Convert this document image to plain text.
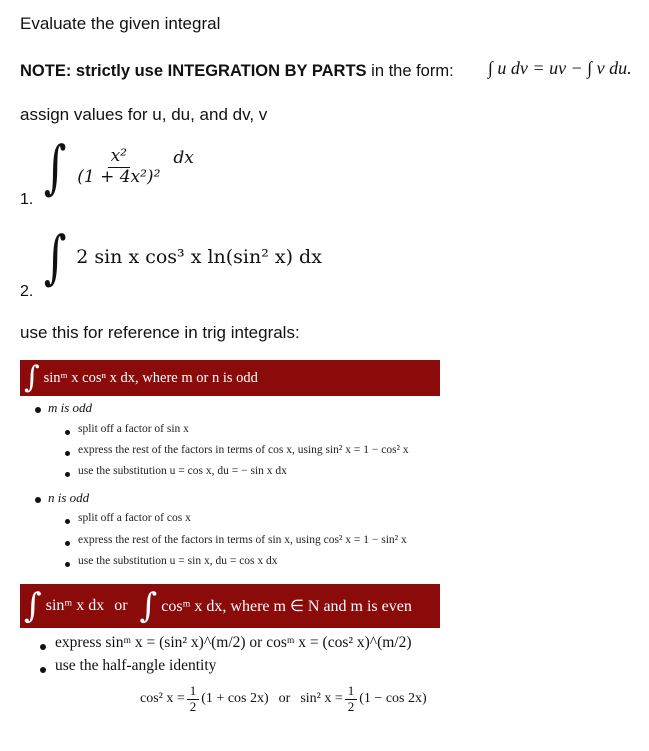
Evaluate the given integral
NOTE: strictly use INTEGRATION BY PARTS in the form: ∫ u dv = uv − ∫ v du.
assign values for u, du, and dv, v
1. ∫ $\frac{\text{x²}}{\text{(1 + 4x²)²}}$ dx
2.
∫ 2 sin x cos³ x ln(sin² x) dx
use this for reference in trig integrals:
∫ sinᵐ x cosⁿ x dx, where m or n is odd
m is odd
split off a factor of sin x
express the rest of the factors in terms of cos x, using sin² x = 1 − cos² x
use the substitution u = cos x, du = − sin x dx
n is odd
split off a factor of cos x
express the rest of the factors in terms of sin x, using cos² x = 1 − sin² x
use the substitution u = sin x, du = cos x dx
∫ sinᵐ x dx or ∫ cosᵐ x dx, where m ∈ N and m is even
express sinᵐ x = (sin² x)^(m/2) or cosᵐ x = (cos² x)^(m/2)
use the half-angle identity
cos² $x = \frac{1}{2} (1 + \cos 2x)$ or sin² $x = \frac{1}{2} (1 - \cos 2x)$
